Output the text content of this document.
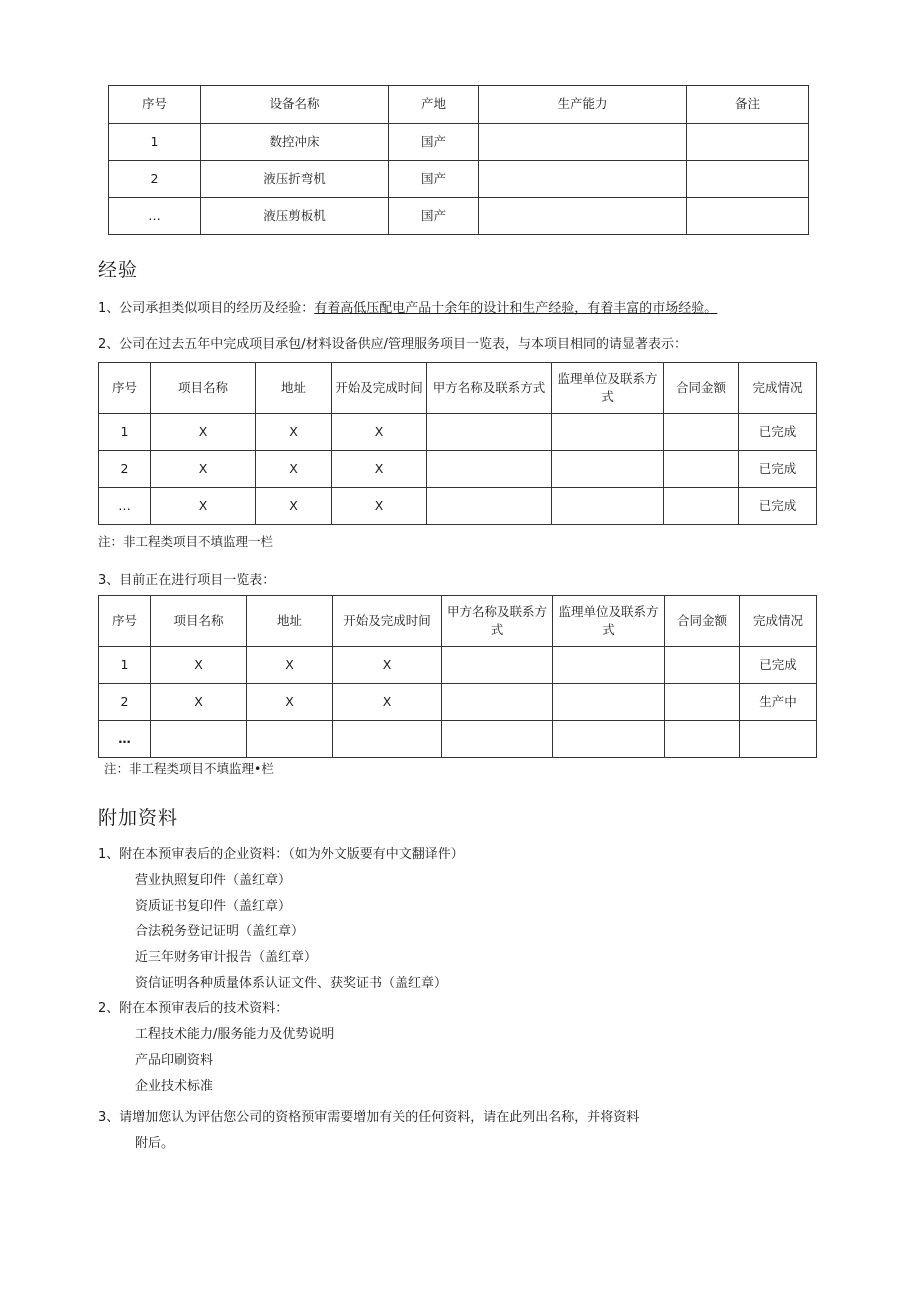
序号	设备名称	产地	生产能力	备注
1	数控冲床	国产		
2	液压折弯机	国产		
…	液压剪板机	国产		
经验
1、公司承担类似项目的经历及经验：有着高低压配电产品十余年的设计和生产经验，有着丰富的市场经验。
2、公司在过去五年中完成项目承包/材料设备供应/管理服务项目一览表，与本项目相同的请显著表示：
序号	项目名称	地址	开始及完成时间	甲方名称及联系方式	监理单位及联系方式	合同金额	完成情况
1	X	X	X				已完成
2	X	X	X				已完成
…	X	X	X				已完成
注：非工程类项目不填监理一栏
3、目前正在进行项目一览表：
序号	项目名称	地址	开始及完成时间	甲方名称及联系方式	监理单位及联系方式	合同金额	完成情况
1	X	X	X				已完成
2	X	X	X				生产中
…							
注：非工程类项目不填监理•栏
附加资料
1、附在本预审表后的企业资料：（如为外文版要有中文翻译件）
营业执照复印件（盖红章）
资质证书复印件（盖红章）
合法税务登记证明（盖红章）
近三年财务审计报告（盖红章）
资信证明各种质量体系认证文件、获奖证书（盖红章）
2、附在本预审表后的技术资料：
工程技术能力/服务能力及优势说明
产品印刷资料
企业技术标准
3、请增加您认为评估您公司的资格预审需要增加有关的任何资料，请在此列出名称，并将资料
附后。
